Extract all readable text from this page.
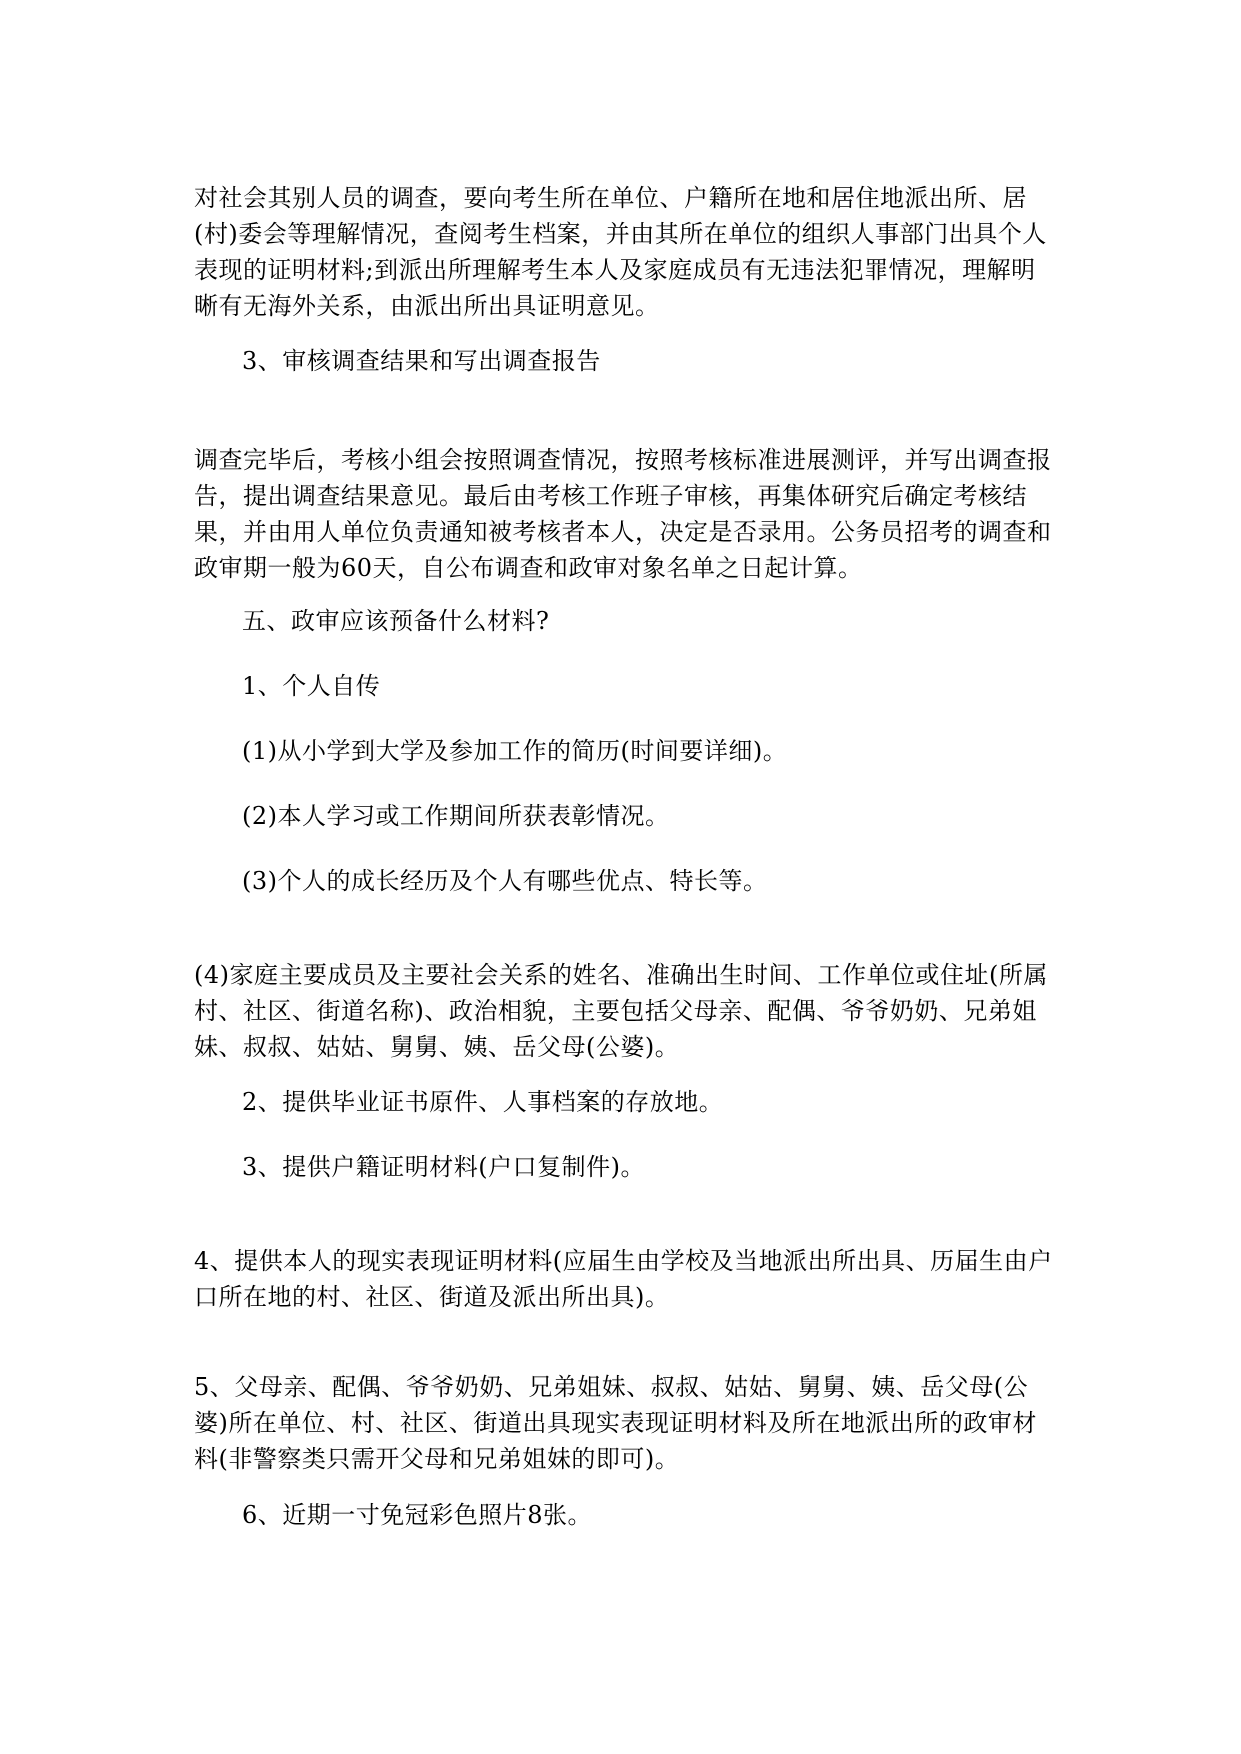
对社会其别人员的调查，要向考生所在单位、户籍所在地和居住地派出所、居(村)委会等理解情况，查阅考生档案，并由其所在单位的组织人事部门出具个人表现的证明材料;到派出所理解考生本人及家庭成员有无违法犯罪情况，理解明晰有无海外关系，由派出所出具证明意见。

3、审核调查结果和写出调查报告

调查完毕后，考核小组会按照调查情况，按照考核标准进展测评，并写出调查报告，提出调查结果意见。最后由考核工作班子审核，再集体研究后确定考核结果，并由用人单位负责通知被考核者本人，决定是否录用。公务员招考的调查和政审期一般为60天，自公布调查和政审对象名单之日起计算。

五、政审应该预备什么材料?

1、个人自传

(1)从小学到大学及参加工作的简历(时间要详细)。

(2)本人学习或工作期间所获表彰情况。

(3)个人的成长经历及个人有哪些优点、特长等。

(4)家庭主要成员及主要社会关系的姓名、准确出生时间、工作单位或住址(所属村、社区、街道名称)、政治相貌，主要包括父母亲、配偶、爷爷奶奶、兄弟姐妹、叔叔、姑姑、舅舅、姨、岳父母(公婆)。

2、提供毕业证书原件、人事档案的存放地。

3、提供户籍证明材料(户口复制件)。

4、提供本人的现实表现证明材料(应届生由学校及当地派出所出具、历届生由户口所在地的村、社区、街道及派出所出具)。

5、父母亲、配偶、爷爷奶奶、兄弟姐妹、叔叔、姑姑、舅舅、姨、岳父母(公婆)所在单位、村、社区、街道出具现实表现证明材料及所在地派出所的政审材料(非警察类只需开父母和兄弟姐妹的即可)。

6、近期一寸免冠彩色照片8张。
